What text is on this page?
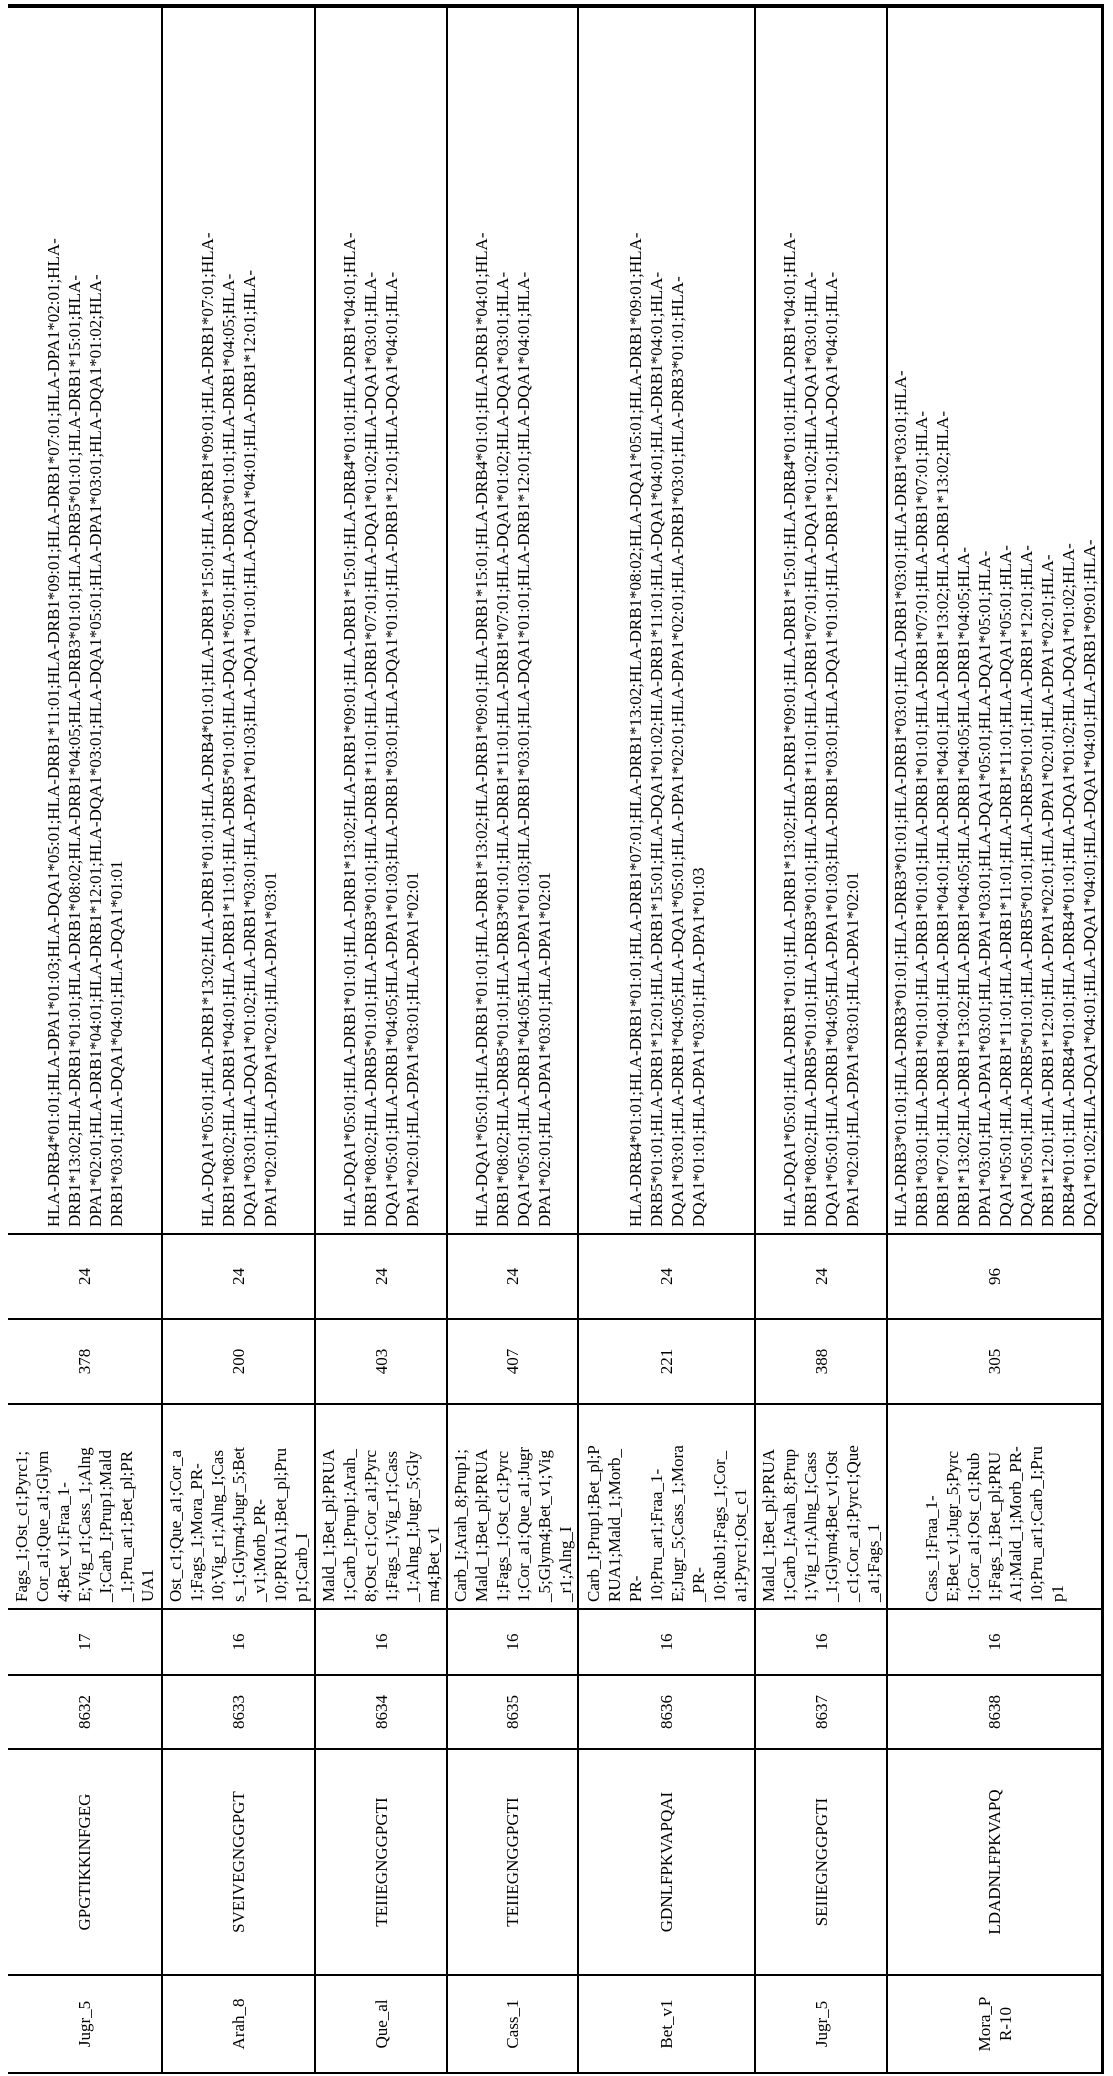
Jugr_5
GPGTIKKINFGEG
8632
17
Fags_1;Ost_c1;Pyrc1; Cor_a1;Que_a1;Glym 4;Bet_v1;Fraa_1- E;Vig_r1;Cass_1;Alng _I;Carb_I;Prup1;Mald _1;Pru_ar1;Bet_pl;PR UA1
378
24
HLA-DRB4*01:01;HLA-DPA1*01:03;HLA-DQA1*05:01;HLA-DRB1*11:01;HLA-DRB1*09:01;HLA-DRB1*07:01;HLA-DPA1*02:01;HLA- DRB1*13:02;HLA-DRB1*01:01;HLA-DRB1*08:02;HLA-DRB1*04:05;HLA-DRB3*01:01;HLA-DRB5*01:01;HLA-DRB1*15:01;HLA- DPA1*02:01;HLA-DRB1*04:01;HLA-DRB1*12:01;HLA-DQA1*03:01;HLA-DQA1*05:01;HLA-DPA1*03:01;HLA-DQA1*01:02;HLA- DRB1*03:01;HLA-DQA1*04:01;HLA-DQA1*01:01
Arah_8
SVEIVEGNGGPGT
8633
16
Ost_c1;Que_a1;Cor_a 1;Fags_1;Mora_PR- 10;Vig_r1;Alng_I;Cas s_1;Glym4;Jugr_5;Bet _v1;Morb_PR- 10;PRUA1;Bet_pl;Pru p1;Carb_I
200
24
HLA-DQA1*05:01;HLA-DRB1*13:02;HLA-DRB1*01:01;HLA-DRB4*01:01;HLA-DRB1*15:01;HLA-DRB1*09:01;HLA-DRB1*07:01;HLA- DRB1*08:02;HLA-DRB1*04:01;HLA-DRB1*11:01;HLA-DRB5*01:01;HLA-DQA1*05:01;HLA-DRB3*01:01;HLA-DRB1*04:05;HLA- DQA1*03:01;HLA-DQA1*01:02;HLA-DRB1*03:01;HLA-DPA1*01:03;HLA-DQA1*01:01;HLA-DQA1*04:01;HLA-DRB1*12:01;HLA- DPA1*02:01;HLA-DPA1*02:01;HLA-DPA1*03:01
Que_al
TEIIEGNGGPGTI
8634
16
Mald_1;Bet_pl;PRUA 1;Carb_I;Prup1;Arah_ 8;Ost_c1;Cor_a1;Pyrc 1;Fags_1;Vig_r1;Cass _1;Alng_I;Jugr_5;Gly m4;Bet_v1
403
24
HLA-DQA1*05:01;HLA-DRB1*01:01;HLA-DRB1*13:02;HLA-DRB1*09:01;HLA-DRB1*15:01;HLA-DRB4*01:01;HLA-DRB1*04:01;HLA- DRB1*08:02;HLA-DRB5*01:01;HLA-DRB3*01:01;HLA-DRB1*11:01;HLA-DRB1*07:01;HLA-DQA1*01:02;HLA-DQA1*03:01;HLA- DQA1*05:01;HLA-DRB1*04:05;HLA-DPA1*01:03;HLA-DRB1*03:01;HLA-DQA1*01:01;HLA-DRB1*12:01;HLA-DQA1*04:01;HLA- DPA1*02:01;HLA-DPA1*03:01;HLA-DPA1*02:01
Cass_1
TEIIEGNGGPGTI
8635
16
Carb_I;Arah_8;Prup1; Mald_1;Bet_pl;PRUA 1;Fags_1;Ost_c1;Pyrc 1;Cor_a1;Que_a1;Jugr _5;Glym4;Bet_v1;Vig _r1;Alng_I
407
24
HLA-DQA1*05:01;HLA-DRB1*01:01;HLA-DRB1*13:02;HLA-DRB1*09:01;HLA-DRB1*15:01;HLA-DRB4*01:01;HLA-DRB1*04:01;HLA- DRB1*08:02;HLA-DRB5*01:01;HLA-DRB3*01:01;HLA-DRB1*11:01;HLA-DRB1*07:01;HLA-DQA1*01:02;HLA-DQA1*03:01;HLA- DQA1*05:01;HLA-DRB1*04:05;HLA-DPA1*01:03;HLA-DRB1*03:01;HLA-DQA1*01:01;HLA-DRB1*12:01;HLA-DQA1*04:01;HLA- DPA1*02:01;HLA-DPA1*03:01;HLA-DPA1*02:01
Bet_v1
GDNLFPKVAPQAI
8636
16
Carb_I;Prup1;Bet_pl;P RUA1;Mald_1;Morb_ PR- 10;Pru_ar1;Fraa_1- E;Jugr_5;Cass_1;Mora _PR- 10;Rub1;Fags_1;Cor_ a1;Pyrc1;Ost_c1
221
24
HLA-DRB4*01:01;HLA-DRB1*01:01;HLA-DRB1*07:01;HLA-DRB1*13:02;HLA-DRB1*08:02;HLA-DQA1*05:01;HLA-DRB1*09:01;HLA- DRB5*01:01;HLA-DRB1*12:01;HLA-DRB1*15:01;HLA-DQA1*01:02;HLA-DRB1*11:01;HLA-DQA1*04:01;HLA-DRB1*04:01;HLA- DQA1*03:01;HLA-DRB1*04:05;HLA-DQA1*05:01;HLA-DPA1*02:01;HLA-DPA1*02:01;HLA-DRB1*03:01;HLA-DRB3*01:01;HLA- DQA1*01:01;HLA-DPA1*03:01;HLA-DPA1*01:03
Jugr_5
SEIIEGNGGPGTI
8637
16
Mald_1;Bet_pl;PRUA 1;Carb_I;Arah_8;Prup 1;Vig_r1;Alng_I;Cass _1;Glym4;Bet_v1;Ost _c1;Cor_a1;Pyrc1;Que _a1;Fags_1
388
24
HLA-DQA1*05:01;HLA-DRB1*01:01;HLA-DRB1*13:02;HLA-DRB1*09:01;HLA-DRB1*15:01;HLA-DRB4*01:01;HLA-DRB1*04:01;HLA- DRB1*08:02;HLA-DRB5*01:01;HLA-DRB3*01:01;HLA-DRB1*11:01;HLA-DRB1*07:01;HLA-DQA1*01:02;HLA-DQA1*03:01;HLA- DQA1*05:01;HLA-DRB1*04:05;HLA-DPA1*01:03;HLA-DRB1*03:01;HLA-DQA1*01:01;HLA-DRB1*12:01;HLA-DQA1*04:01;HLA- DPA1*02:01;HLA-DPA1*03:01;HLA-DPA1*02:01
Mora_P R-10
LDADNLFPKVAPQ
8638
16
Cass_1;Fraa_1- E;Bet_v1;Jugr_5;Pyrc 1;Cor_a1;Ost_c1;Rub 1;Fags_1;Bet_pl;PRU A1;Mald_1;Morb_PR- 10;Pru_ar1;Carb_I;Pru p1
305
96
HLA-DRB3*01:01;HLA-DRB3*01:01;HLA-DRB3*01:01;HLA-DRB1*03:01;HLA-DRB1*03:01;HLA-DRB1*03:01;HLA- DRB1*03:01;HLA-DRB1*01:01;HLA-DRB1*01:01;HLA-DRB1*01:01;HLA-DRB1*07:01;HLA-DRB1*07:01;HLA- DRB1*07:01;HLA-DRB1*04:01;HLA-DRB1*04:01;HLA-DRB1*04:01;HLA-DRB1*13:02;HLA-DRB1*13:02;HLA- DRB1*13:02;HLA-DRB1*13:02;HLA-DRB1*04:05;HLA-DRB1*04:05;HLA-DRB1*04:05;HLA- DPA1*03:01;HLA-DPA1*03:01;HLA-DPA1*03:01;HLA-DQA1*05:01;HLA-DQA1*05:01;HLA- DQA1*05:01;HLA-DRB1*11:01;HLA-DRB1*11:01;HLA-DRB1*11:01;HLA-DQA1*05:01;HLA- DQA1*05:01;HLA-DRB5*01:01;HLA-DRB5*01:01;HLA-DRB5*01:01;HLA-DRB1*12:01;HLA- DRB1*12:01;HLA-DRB1*12:01;HLA-DPA1*02:01;HLA-DPA1*02:01;HLA-DPA1*02:01;HLA- DRB4*01:01;HLA-DRB4*01:01;HLA-DRB4*01:01;HLA-DQA1*01:02;HLA-DQA1*01:02;HLA- DQA1*01:02;HLA-DQA1*04:01;HLA-DQA1*04:01;HLA-DQA1*04:01;HLA-DRB1*09:01;HLA-
